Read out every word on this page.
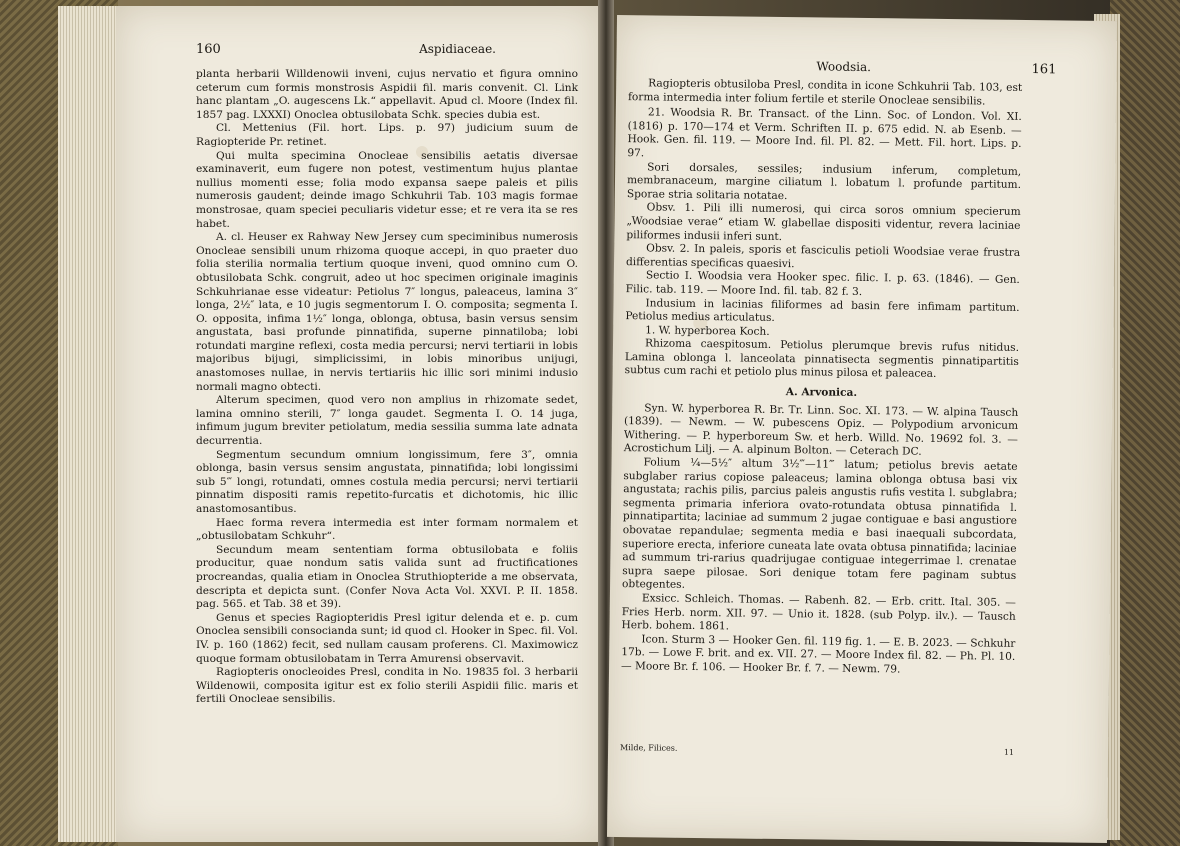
160	Aspidiaceae.

planta herbarii Willdenowii inveni, cujus nervatio et figura omnino ceterum cum formis monstrosis Aspidii fil. maris convenit. Cl. Link hanc plantam „O. augescens Lk.“ appellavit. Apud cl. Moore (Index fil. 1857 pag. LXXXI) Onoclea obtusilobata Schk. species dubia est.

Cl. Mettenius (Fil. hort. Lips. p. 97) judicium suum de Ragiopteride Pr. retinet.

Qui multa specimina Onocleae sensibilis aetatis diversae examinaverit, eum fugere non potest, vestimentum hujus plantae nullius momenti esse; folia modo expansa saepe paleis et pilis numerosis gaudent; deinde imago Schkuhrii Tab. 103 magis formae monstrosae, quam speciei peculiaris videtur esse; et re vera ita se res habet.

A. cl. Heuser ex Rahway New Jersey cum speciminibus numerosis Onocleae sensibili unum rhizoma quoque accepi, in quo praeter duo folia sterilia normalia tertium quoque inveni, quod omnino cum O. obtusilobata Schk. congruit, adeo ut hoc specimen originale imaginis Schkuhrianae esse videatur: Petiolus 7″ longus, paleaceus, lamina 3″ longa, 2½″ lata, e 10 jugis segmentorum I. O. composita; segmenta I. O. opposita, infima 1½″ longa, oblonga, obtusa, basin versus sensim angustata, basi profunde pinnatifida, superne pinnatiloba; lobi rotundati margine reflexi, costa media percursi; nervi tertiarii in lobis majoribus bijugi, simplicissimi, in lobis minoribus unijugi, anastomoses nullae, in nervis tertiariis hic illic sori minimi indusio normali magno obtecti.

Alterum specimen, quod vero non amplius in rhizomate sedet, lamina omnino sterili, 7″ longa gaudet. Segmenta I. O. 14 juga, infimum jugum breviter petiolatum, media sessilia summa late adnata decurrentia.

Segmentum secundum omnium longissimum, fere 3″, omnia oblonga, basin versus sensim angustata, pinnatifida; lobi longissimi sub 5‴ longi, rotundati, omnes costula media percursi; nervi tertiarii pinnatim dispositi ramis repetito-furcatis et dichotomis, hic illic anastomosantibus.

Haec forma revera intermedia est inter formam normalem et „obtusilobatam Schkuhr“.

Secundum meam sententiam forma obtusilobata e foliis producitur, quae nondum satis valida sunt ad fructificationes procreandas, qualia etiam in Onoclea Struthiopteride a me observata, descripta et depicta sunt. (Confer Nova Acta Vol. XXVI. P. II. 1858. pag. 565. et Tab. 38 et 39).

Genus et species Ragiopteridis Presl igitur delenda et e. p. cum Onoclea sensibili consocianda sunt; id quod cl. Hooker in Spec. fil. Vol. IV. p. 160 (1862) fecit, sed nullam causam proferens. Cl. Maximowicz quoque formam obtusilobatam in Terra Amurensi observavit.

Ragiopteris onocleoides Presl, condita in No. 19835 fol. 3 herbarii Wildenowii, composita igitur est ex folio sterili Aspidii filic. maris et fertili Onocleae sensibilis.

Woodsia.	161

Ragiopteris obtusiloba Presl, condita in icone Schkuhrii Tab. 103, est forma intermedia inter folium fertile et sterile Onocleae sensibilis.

21. Woodsia R. Br. Transact. of the Linn. Soc. of London. Vol. XI. (1816) p. 170—174 et Verm. Schriften II. p. 675 edid. N. ab Esenb. — Hook. Gen. fil. 119. — Moore Ind. fil. Pl. 82. — Mett. Fil. hort. Lips. p. 97.

Sori dorsales, sessiles; indusium inferum, completum, membranaceum, margine ciliatum l. lobatum l. profunde partitum. Sporae stria solitaria notatae.

Obsv. 1. Pili illi numerosi, qui circa soros omnium specierum „Woodsiae verae“ etiam W. glabellae dispositi videntur, revera laciniae piliformes indusii inferi sunt.

Obsv. 2. In paleis, sporis et fasciculis petioli Woodsiae verae frustra differentias specificas quaesivi.

Sectio I. Woodsia vera Hooker spec. filic. I. p. 63. (1846). — Gen. Filic. tab. 119. — Moore Ind. fil. tab. 82 f. 3.

Indusium in lacinias filiformes ad basin fere infimam partitum. Petiolus medius articulatus.

1. W. hyperborea Koch.

Rhizoma caespitosum. Petiolus plerumque brevis rufus nitidus. Lamina oblonga l. lanceolata pinnatisecta segmentis pinnatipartitis subtus cum rachi et petiolo plus minus pilosa et paleacea.

A. Arvonica.

Syn. W. hyperborea R. Br. Tr. Linn. Soc. XI. 173. — W. alpina Tausch (1839). — Newm. — W. pubescens Opiz. — Polypodium arvonicum Withering. — P. hyperboreum Sw. et herb. Willd. No. 19692 fol. 3. — Acrostichum Lilj. — A. alpinum Bolton. — Ceterach DC.

Folium ¼—5½″ altum 3½‴—11‴ latum; petiolus brevis aetate subglaber rarius copiose paleaceus; lamina oblonga obtusa basi vix angustata; rachis pilis, parcius paleis angustis rufis vestita l. subglabra; segmenta primaria inferiora ovato-rotundata obtusa pinnatifida l. pinnatipartita; laciniae ad summum 2 jugae contiguae e basi angustiore obovatae repandulae; segmenta media e basi inaequali subcordata, superiore erecta, inferiore cuneata late ovata obtusa pinnatifida; laciniae ad summum tri-rarius quadrijugae contiguae integerrimae l. crenatae supra saepe pilosae. Sori denique totam fere paginam subtus obtegentes.

Exsicc. Schleich. Thomas. — Rabenh. 82. — Erb. critt. Ital. 305. — Fries Herb. norm. XII. 97. — Unio it. 1828. (sub Polyp. ilv.). — Tausch Herb. bohem. 1861.

Icon. Sturm 3 — Hooker Gen. fil. 119 fig. 1. — E. B. 2023. — Schkuhr 17b. — Lowe F. brit. and ex. VII. 27. — Moore Index fil. 82. — Ph. Pl. 10. — Moore Br. f. 106. — Hooker Br. f. 7. — Newm. 79.

Milde, Filices.	11
